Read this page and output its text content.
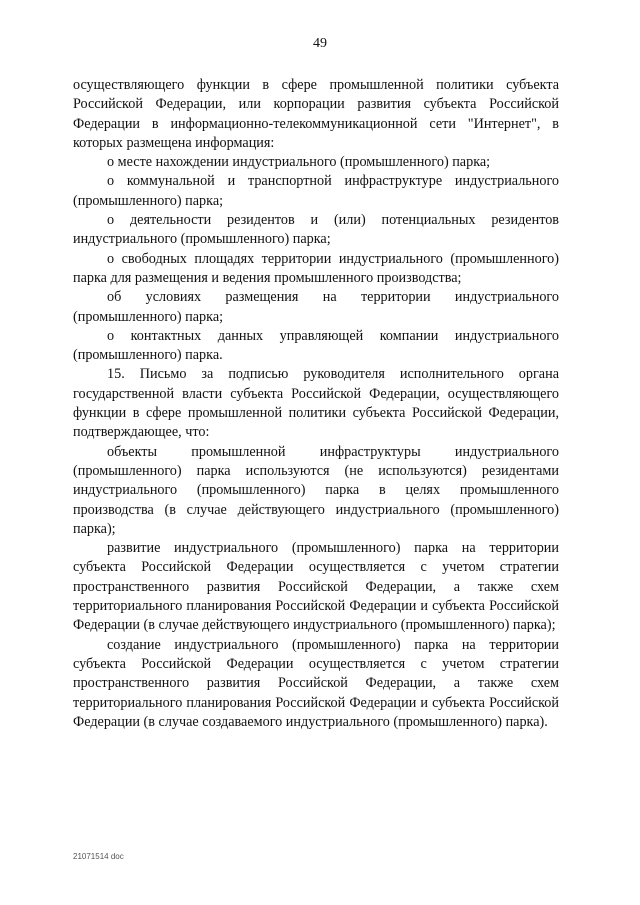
49

осуществляющего функции в сфере промышленной политики субъекта Российской Федерации, или корпорации развития субъекта Российской Федерации в информационно-телекоммуникационной сети "Интернет", в которых размещена информация:

о месте нахождении индустриального (промышленного) парка;

о коммунальной и транспортной инфраструктуре индустриального (промышленного) парка;

о деятельности резидентов и (или) потенциальных резидентов индустриального (промышленного) парка;

о свободных площадях территории индустриального (промышленного) парка для размещения и ведения промышленного производства;

об условиях размещения на территории индустриального (промышленного) парка;

о контактных данных управляющей компании индустриального (промышленного) парка.

15. Письмо за подписью руководителя исполнительного органа государственной власти субъекта Российской Федерации, осуществляющего функции в сфере промышленной политики субъекта Российской Федерации, подтверждающее, что:

объекты промышленной инфраструктуры индустриального (промышленного) парка используются (не используются) резидентами индустриального (промышленного) парка в целях промышленного производства (в случае действующего индустриального (промышленного) парка);

развитие индустриального (промышленного) парка на территории субъекта Российской Федерации осуществляется с учетом стратегии пространственного развития Российской Федерации, а также схем территориального планирования Российской Федерации и субъекта Российской Федерации (в случае действующего индустриального (промышленного) парка);

создание индустриального (промышленного) парка на территории субъекта Российской Федерации осуществляется с учетом стратегии пространственного развития Российской Федерации, а также схем территориального планирования Российской Федерации и субъекта Российской Федерации (в случае создаваемого индустриального (промышленного) парка).

21071514 doc
